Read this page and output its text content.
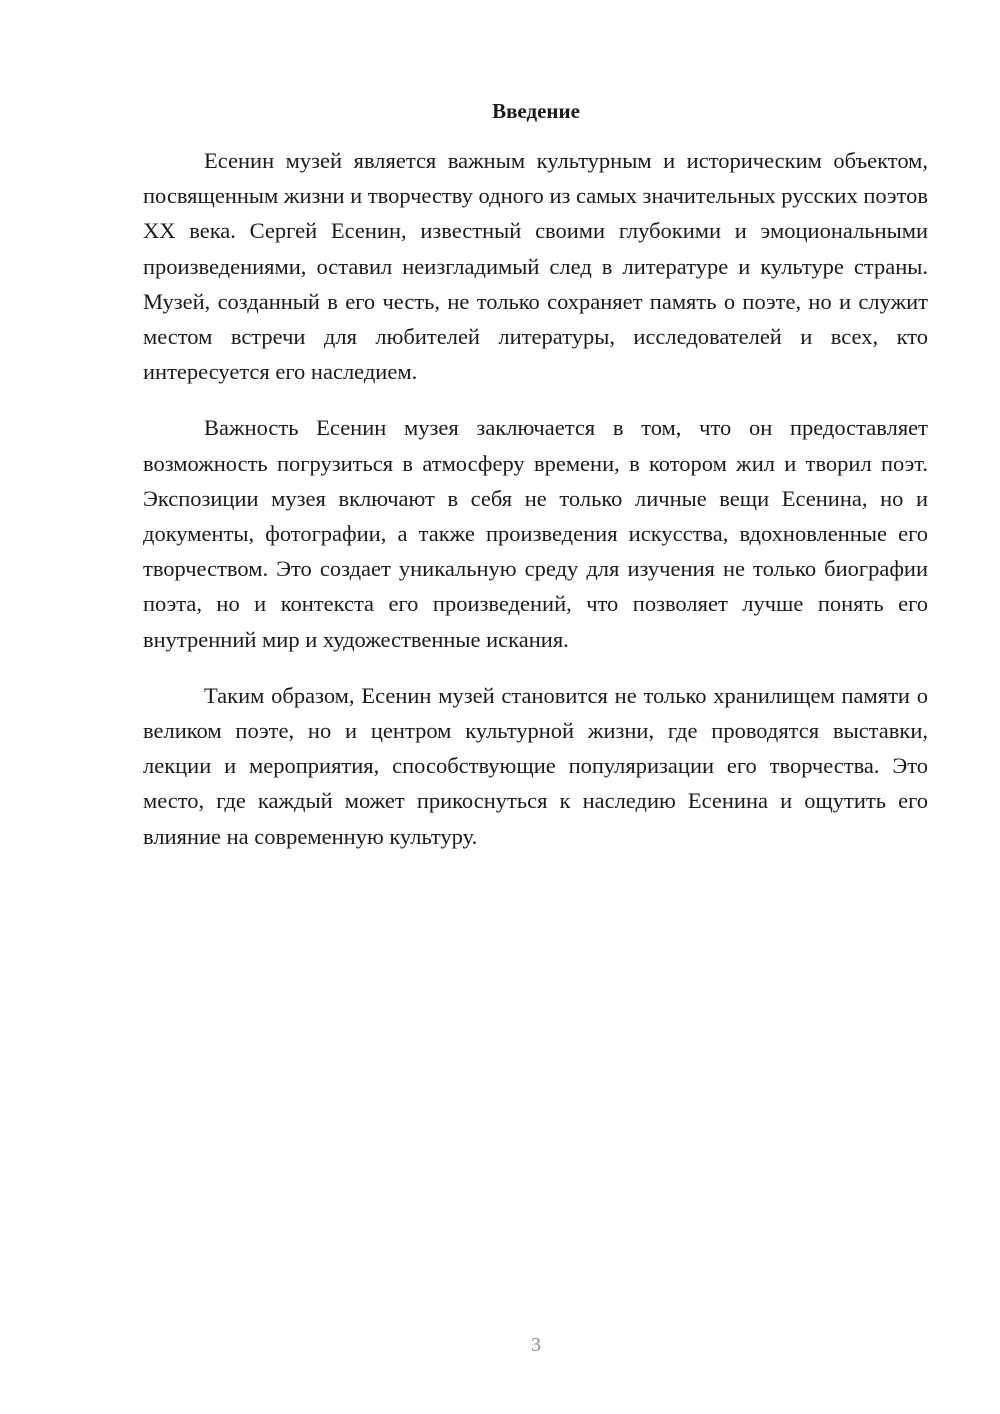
Введение

Есенин музей является важным культурным и историческим объектом, посвященным жизни и творчеству одного из самых значительных русских поэтов XX века. Сергей Есенин, известный своими глубокими и эмоциональными произведениями, оставил неизгладимый след в литературе и культуре страны. Музей, созданный в его честь, не только сохраняет память о поэте, но и служит местом встречи для любителей литературы, исследователей и всех, кто интересуется его наследием.

Важность Есенин музея заключается в том, что он предоставляет возможность погрузиться в атмосферу времени, в котором жил и творил поэт. Экспозиции музея включают в себя не только личные вещи Есенина, но и документы, фотографии, а также произведения искусства, вдохновленные его творчеством. Это создает уникальную среду для изучения не только биографии поэта, но и контекста его произведений, что позволяет лучше понять его внутренний мир и художественные искания.

Таким образом, Есенин музей становится не только хранилищем памяти о великом поэте, но и центром культурной жизни, где проводятся выставки, лекции и мероприятия, способствующие популяризации его творчества. Это место, где каждый может прикоснуться к наследию Есенина и ощутить его влияние на современную культуру.

3
